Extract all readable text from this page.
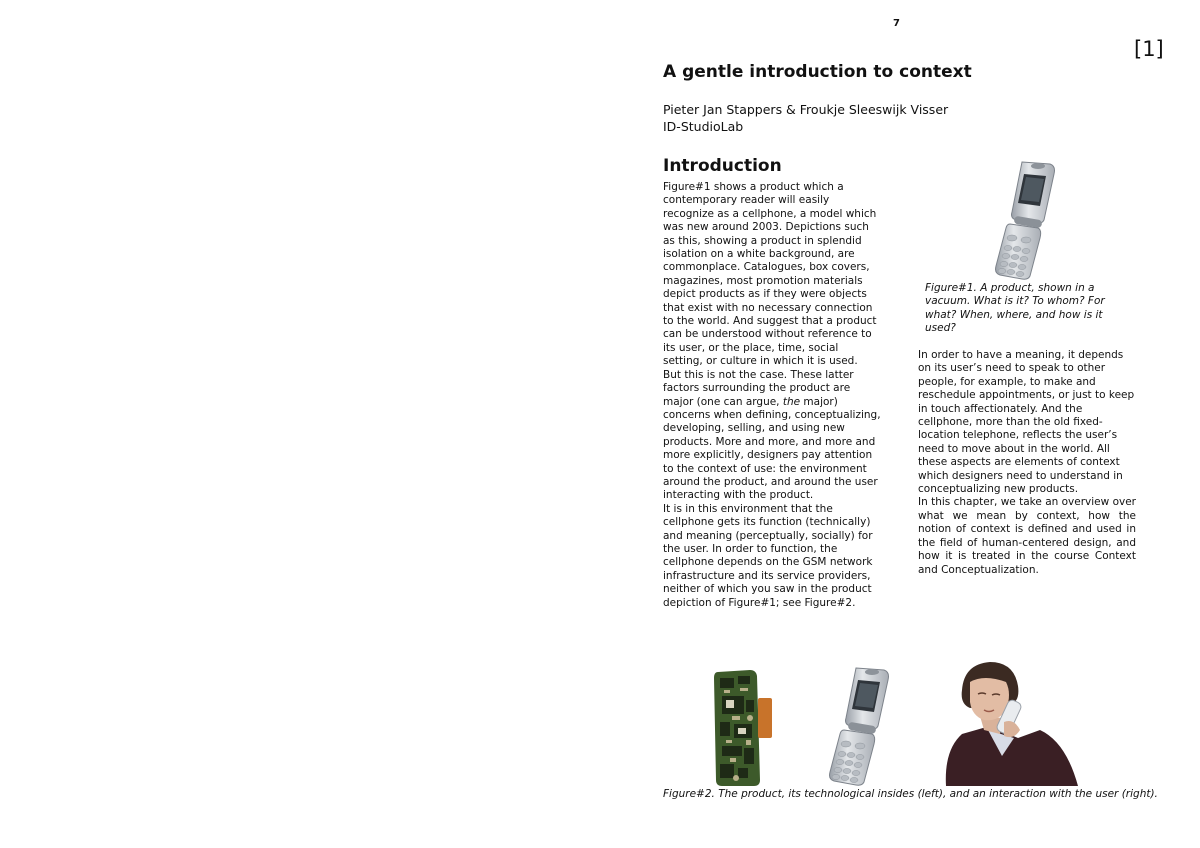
7
[1]
A gentle introduction to context
Pieter Jan Stappers & Froukje Sleeswijk Visser
ID-StudioLab
Introduction

Figure#1 shows a product which a contemporary reader will easily recognize as a cellphone, a model which was new around 2003. Depictions such as this, showing a product in splendid isolation on a white background, are commonplace. Catalogues, box covers, magazines, most promotion materials depict products as if they were objects that exist with no necessary connection to the world. And suggest that a product can be understood without reference to its user, or the place, time, social setting, or culture in which it is used.

But this is not the case. These latter factors surrounding the product are major (one can argue, the major) concerns when defining, conceptualizing, developing, selling, and using new products. More and more, and more and more explicitly, designers pay attention to the context of use: the environment around the product, and around the user interacting with the product.

It is in this environment that the cellphone gets its function (technically) and meaning (perceptually, socially) for the user. In order to function, the cellphone depends on the GSM network infrastructure and its service providers, neither of which you saw in the product depiction of Figure#1; see Figure#2.

Figure#1. A product, shown in a vacuum. What is it? To whom? For what? When, where, and how is it used?

In order to have a meaning, it depends on its user’s need to speak to other people, for example, to make and reschedule appointments, or just to keep in touch affectionately. And the cellphone, more than the old fixed-location telephone, reflects the user’s need to move about in the world. All these aspects are elements of context which designers need to understand in conceptualizing new products.

In this chapter, we take an overview over what we mean by context, how the notion of context is defined and used in the field of human-centered design, and how it is treated in the course Context and Conceptualization.

Figure#2. The product, its technological insides (left), and an interaction with the user (right).
